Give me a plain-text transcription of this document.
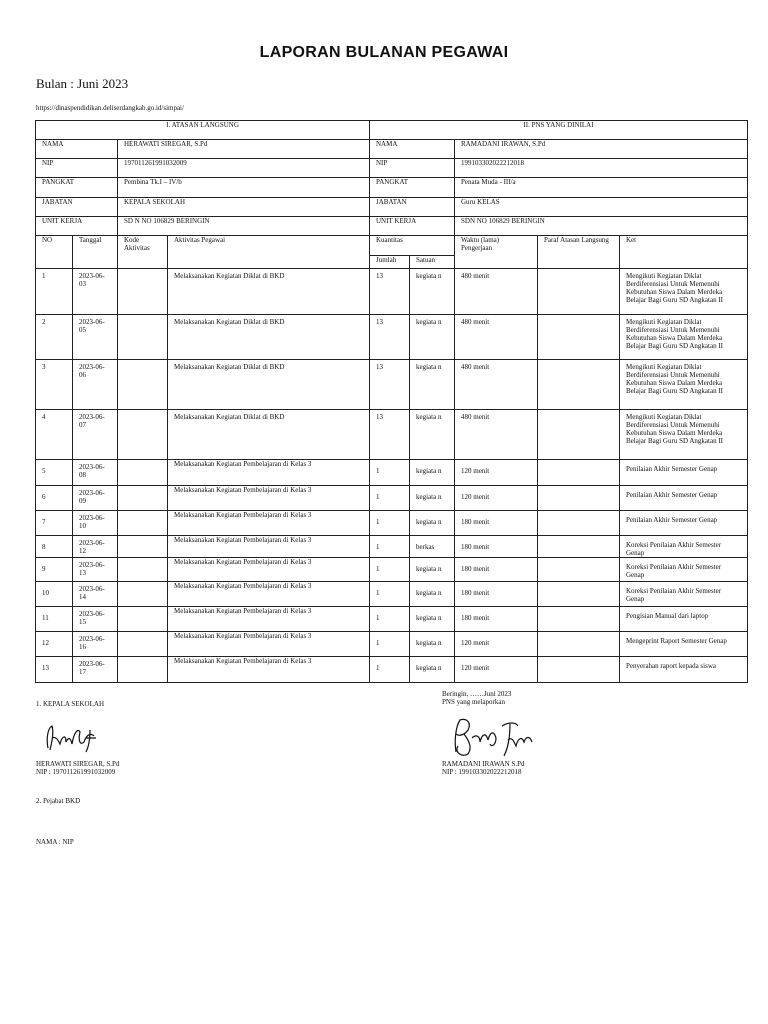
LAPORAN BULANAN PEGAWAI
Bulan : Juni 2023
https://dinaspendidikan.deliserdangkab.go.id/simpai/
I. ATASAN LANGSUNG				II. PNS YANG DINILAI				
NAMA		HERAWATI SIREGAR, S.Pd		NAMA		RAMADANI IRAWAN, S.Pd		
NIP		197011261991032009		NIP		199103302022212018		
PANGKAT		Pembina Tk.I – IV/b		PANGKAT		Penata Muda - III/a		
JABATAN		KEPALA SEKOLAH		JABATAN		Guru KELAS		
UNIT KERJA		SD N NO 106829 BERINGIN		UNIT KERJA		SDN NO 106829 BERINGIN		
NO	Tanggal	Kode Aktivitas	Aktivitas Pegawai	Kuantitas		Waktu (lama) Pengerjaan	Paraf Atasan Langsung	Ket
				Jumlah	Satuan			
1	2023-06-03		Melaksanakan Kegiatan Diklat di BKD	13	kegiata n	480 menit		Mengikuti Kegiatan Diklat Berdiferensiasi Untuk Memenuhi Kebutuhan Siswa Dalam Merdeka Belajar Bagi Guru SD Angkatan II
2	2023-06-05		Melaksanakan Kegiatan Diklat di BKD	13	kegiata n	480 menit		Mengikuti Kegiatan Diklat Berdiferensiasi Untuk Memenuhi Kebutuhan Siswa Dalam Merdeka Belajar Bagi Guru SD Angkatan II
3	2023-06-06		Melaksanakan Kegiatan Diklat di BKD	13	kegiata n	480 menit		Mengikuti Kegiatan Diklat Berdiferensiasi Untuk Memenuhi Kebutuhan Siswa Dalam Merdeka Belajar Bagi Guru SD Angkatan II
4	2023-06-07		Melaksanakan Kegiatan Diklat di BKD	13	kegiata n	480 menit		Mengikuti Kegiatan Diklat Berdiferensiasi Untuk Memenuhi Kebutuhan Siswa Dalam Merdeka Belajar Bagi Guru SD Angkatan II
5	2023-06-08		Melaksanakan Kegiatan Pembelajaran di Kelas 3	1	kegiata n	120 menit		Penilaian Akhir Semester Genap
6	2023-06-09		Melaksanakan Kegiatan Pembelajaran di Kelas 3	1	kegiata n	120 menit		Penilaian Akhir Semester Genap
7	2023-06-10		Melaksanakan Kegiatan Pembelajaran di Kelas 3	1	kegiata n	180 menit		Penilaian Akhir Semester Genap
8	2023-06-12		Melaksanakan Kegiatan Pembelajaran di Kelas 3	1	berkas	180 menit		Koreksi Penilaian Akhir Semester Genap
9	2023-06-13		Melaksanakan Kegiatan Pembelajaran di Kelas 3	1	kegiata n	180 menit		Koreksi Penilaian Akhir Semester Genap
10	2023-06-14		Melaksanakan Kegiatan Pembelajaran di Kelas 3	1	kegiata n	180 menit		Koreksi Penilaian Akhir Semester Genap
11	2023-06-15		Melaksanakan Kegiatan Pembelajaran di Kelas 3	1	kegiata n	180 menit		Pengisian Manual dari laptop
12	2023-06-16		Melaksanakan Kegiatan Pembelajaran di Kelas 3	1	kegiata n	120 menit		Mengeprint Raport Semester Genap
13	2023-06-17		Melaksanakan Kegiatan Pembelajaran di Kelas 3	1	kegiata n	120 menit		Penyerahan raport kepada siswa
1. KEPALA SEKOLAH
HERAWATI SIREGAR, S.Pd
NIP : 197011261991032009
Beringin, ……Juni 2023
PNS yang melaporkan
RAMADANI IRAWAN S.Pd
NIP : 199103302022212018
2. Pejabat BKD
NAMA : NIP
